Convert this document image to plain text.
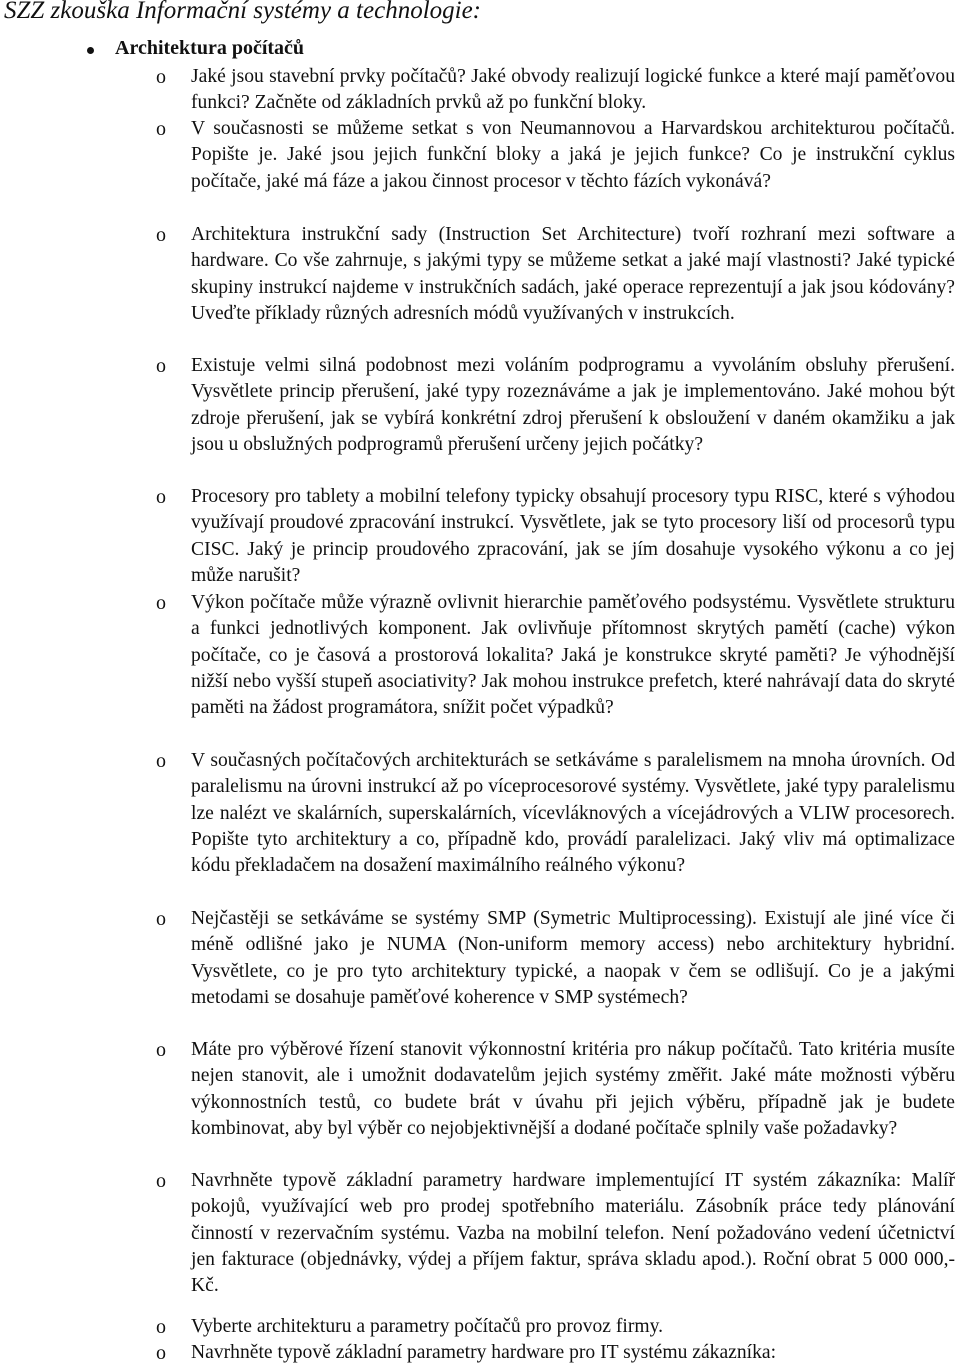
SZZ zkouška Informační systémy a technologie:
Architektura počítačů
o Jaké jsou stavební prvky počítačů? Jaké obvody realizují logické funkce a které mají paměťovou funkci? Začněte od základních prvků až po funkční bloky.
o V současnosti se můžeme setkat s von Neumannovou a Harvardskou architekturou počítačů. Popište je. Jaké jsou jejich funkční bloky a jaká je jejich funkce? Co je instrukční cyklus počítače, jaké má fáze a jakou činnost procesor v těchto fázích vykonává?
o Architektura instrukční sady (Instruction Set Architecture) tvoří rozhraní mezi software a hardware. Co vše zahrnuje, s jakými typy se můžeme setkat a jaké mají vlastnosti? Jaké typické skupiny instrukcí najdeme v instrukčních sadách, jaké operace reprezentují a jak jsou kódovány? Uveďte příklady různých adresních módů využívaných v instrukcích.
o Existuje velmi silná podobnost mezi voláním podprogramu a vyvoláním obsluhy přerušení. Vysvětlete princip přerušení, jaké typy rozeznáváme a jak je implementováno. Jaké mohou být zdroje přerušení, jak se vybírá konkrétní zdroj přerušení k obsloužení v daném okamžiku a jak jsou u obslužných podprogramů přerušení určeny jejich počátky?
o Procesory pro tablety a mobilní telefony typicky obsahují procesory typu RISC, které s výhodou využívají proudové zpracování instrukcí. Vysvětlete, jak se tyto procesory liší od procesorů typu CISC. Jaký je princip proudového zpracování, jak se jím dosahuje vysokého výkonu a co jej může narušit?
o Výkon počítače může výrazně ovlivnit hierarchie paměťového podsystému. Vysvětlete strukturu a funkci jednotlivých komponent. Jak ovlivňuje přítomnost skrytých pamětí (cache) výkon počítače, co je časová a prostorová lokalita? Jaká je konstrukce skryté paměti? Je výhodnější nižší nebo vyšší stupeň asociativity? Jak mohou instrukce prefetch, které nahrávají data do skryté paměti na žádost programátora, snížit počet výpadků?
o V současných počítačových architekturách se setkáváme s paralelismem na mnoha úrovních. Od paralelismu na úrovni instrukcí až po víceprocesorové systémy. Vysvětlete, jaké typy paralelismu lze nalézt ve skalárních, superskalárních, vícevláknových a vícejádrových a VLIW procesorech. Popište tyto architektury a co, případně kdo, provádí paralelizaci. Jaký vliv má optimalizace kódu překladačem na dosažení maximálního reálného výkonu?
o Nejčastěji se setkáváme se systémy SMP (Symetric Multiprocessing). Existují ale jiné více či méně odlišné jako je NUMA (Non-uniform memory access) nebo architektury hybridní. Vysvětlete, co je pro tyto architektury typické, a naopak v čem se odlišují. Co je a jakými metodami se dosahuje paměťové koherence v SMP systémech?
o Máte pro výběrové řízení stanovit výkonnostní kritéria pro nákup počítačů. Tato kritéria musíte nejen stanovit, ale i umožnit dodavatelům jejich systémy změřit. Jaké máte možnosti výběru výkonnostních testů, co budete brát v úvahu při jejich výběru, případně jak je budete kombinovat, aby byl výběr co nejobjektivnější a dodané počítače splnily vaše požadavky?
o Navrhněte typově základní parametry hardware implementující IT systém zákazníka: Malíř pokojů, využívající web pro prodej spotřebního materiálu. Zásobník práce tedy plánování činností v rezervačním systému. Vazba na mobilní telefon. Není požadováno vedení účetnictví jen fakturace (objednávky, výdej a příjem faktur, správa skladu apod.). Roční obrat 5 000 000,- Kč.
o Vyberte architekturu a parametry počítačů pro provoz firmy.
o Navrhněte typově základní parametry hardware pro IT systému zákazníka:
